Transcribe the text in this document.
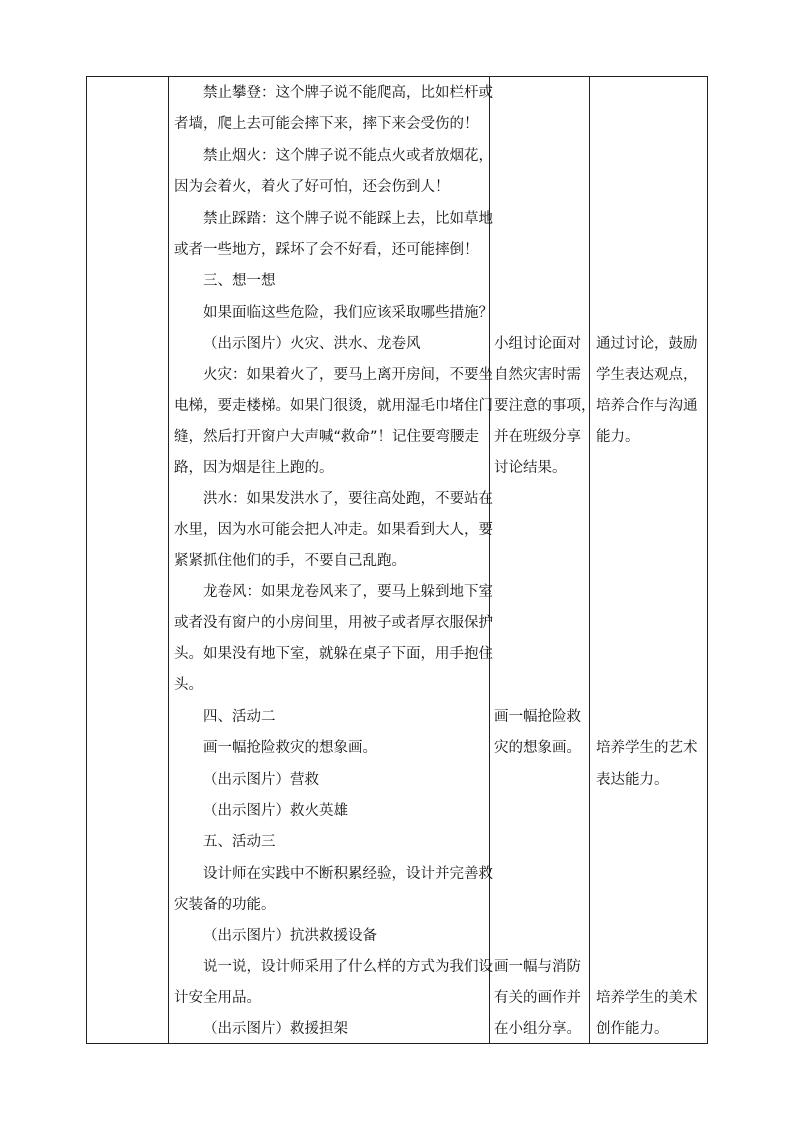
禁止攀登：这个牌子说不能爬高，比如栏杆或
者墙，爬上去可能会摔下来，摔下来会受伤的！
禁止烟火：这个牌子说不能点火或者放烟花，
因为会着火，着火了好可怕，还会伤到人！
禁止踩踏：这个牌子说不能踩上去，比如草地
或者一些地方，踩坏了会不好看，还可能摔倒！
三、想一想
如果面临这些危险，我们应该采取哪些措施？
（出示图片）火灾、洪水、龙卷风
火灾：如果着火了，要马上离开房间，不要坐
电梯，要走楼梯。如果门很烫，就用湿毛巾堵住门
缝，然后打开窗户大声喊“救命”！记住要弯腰走
路，因为烟是往上跑的。
洪水：如果发洪水了，要往高处跑，不要站在
水里，因为水可能会把人冲走。如果看到大人，要
紧紧抓住他们的手，不要自己乱跑。
龙卷风：如果龙卷风来了，要马上躲到地下室
或者没有窗户的小房间里，用被子或者厚衣服保护
头。如果没有地下室，就躲在桌子下面，用手抱住
头。
四、活动二
画一幅抢险救灾的想象画。
（出示图片）营救
（出示图片）救火英雄
五、活动三
设计师在实践中不断积累经验，设计并完善救
灾装备的功能。
（出示图片）抗洪救援设备
说一说，设计师采用了什么样的方式为我们设
计安全用品。
（出示图片）救援担架
小组讨论面对
自然灾害时需
要注意的事项，
并在班级分享
讨论结果。
画一幅抢险救
灾的想象画。
画一幅与消防
有关的画作并
在小组分享。
通过讨论，鼓励
学生表达观点，
培养合作与沟通
能力。
培养学生的艺术
表达能力。
培养学生的美术
创作能力。
